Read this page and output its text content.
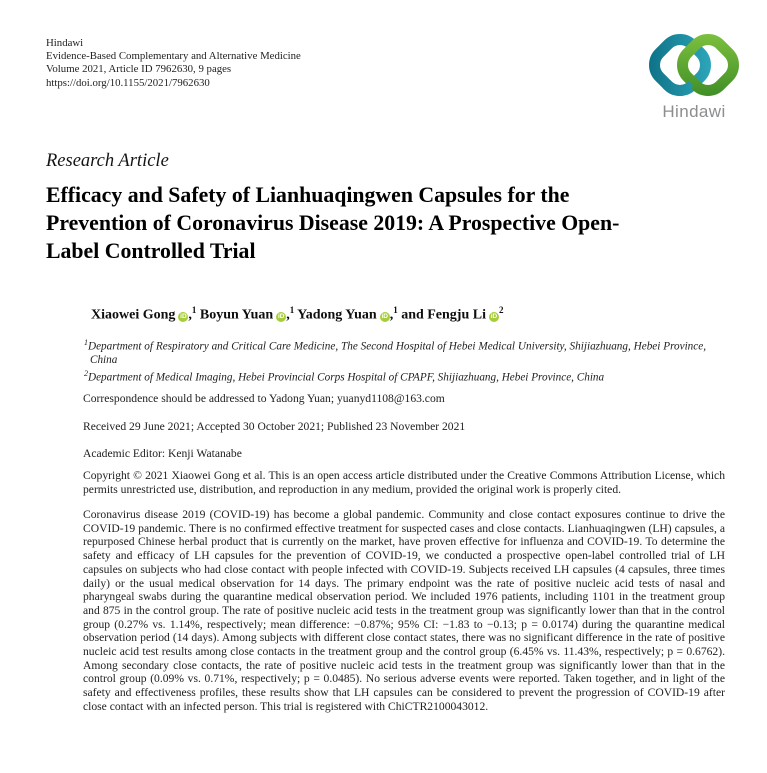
Hindawi
Evidence-Based Complementary and Alternative Medicine
Volume 2021, Article ID 7962630, 9 pages
https://doi.org/10.1155/2021/7962630
Hindawi
Research Article
Efficacy and Safety of Lianhuaqingwen Capsules for the Prevention of Coronavirus Disease 2019: A Prospective Open-Label Controlled Trial
Xiaowei Gong iD ,$^1$ Boyun Yuan iD ,$^1$ Yadong Yuan iD ,$^1$ and Fengju Li $iD^2$
$^1$Department of Respiratory and Critical Care Medicine, The Second Hospital of Hebei Medical University, Shijiazhuang, Hebei Province, China
$^2$Department of Medical Imaging, Hebei Provincial Corps Hospital of CPAPF, Shijiazhuang, Hebei Province, China
Correspondence should be addressed to Yadong Yuan; yuanyd1108@163.com
Received 29 June 2021; Accepted 30 October 2021; Published 23 November 2021
Academic Editor: Kenji Watanabe
Copyright © 2021 Xiaowei Gong et al. This is an open access article distributed under the Creative Commons Attribution License, which permits unrestricted use, distribution, and reproduction in any medium, provided the original work is properly cited.
Coronavirus disease 2019 (COVID-19) has become a global pandemic. Community and close contact exposures continue to drive the COVID-19 pandemic. There is no confirmed effective treatment for suspected cases and close contacts. Lianhuaqingwen (LH) capsules, a repurposed Chinese herbal product that is currently on the market, have proven effective for influenza and COVID-19. To determine the safety and efficacy of LH capsules for the prevention of COVID-19, we conducted a prospective open-label controlled trial of LH capsules on subjects who had close contact with people infected with COVID-19. Subjects received LH capsules (4 capsules, three times daily) or the usual medical observation for 14 days. The primary endpoint was the rate of positive nucleic acid tests of nasal and pharyngeal swabs during the quarantine medical observation period. We included 1976 patients, including 1101 in the treatment group and 875 in the control group. The rate of positive nucleic acid tests in the treatment group was significantly lower than that in the control group (0.27% vs. 1.14%, respectively; mean difference: −0.87%; 95% CI: −1.83 to −0.13; p = 0.0174) during the quarantine medical observation period (14 days). Among subjects with different close contact states, there was no significant difference in the rate of positive nucleic acid test results among close contacts in the treatment group and the control group (6.45% vs. 11.43%, respectively; p = 0.6762). Among secondary close contacts, the rate of positive nucleic acid tests in the treatment group was significantly lower than that in the control group (0.09% vs. 0.71%, respectively; p = 0.0485). No serious adverse events were reported. Taken together, and in light of the safety and effectiveness profiles, these results show that LH capsules can be considered to prevent the progression of COVID-19 after close contact with an infected person. This trial is registered with ChiCTR2100043012.
